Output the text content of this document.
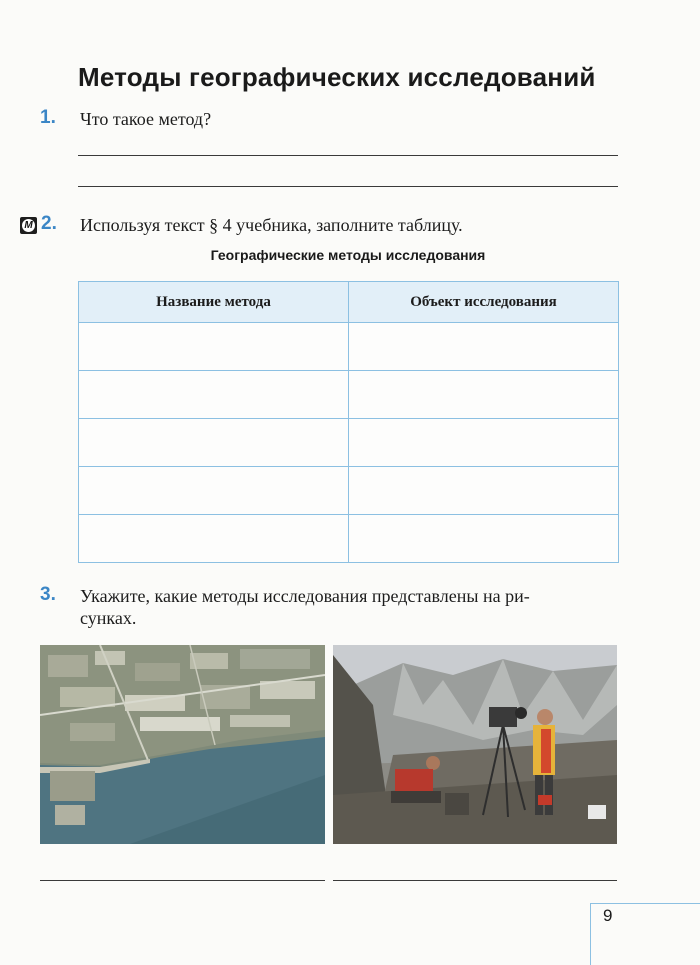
Методы географических исследований
1. Что такое метод?
М 2. Используя текст § 4 учебника, заполните таблицу.
Географические методы исследования
Название метода	Объект исследования

3. Укажите, какие методы исследования представлены на ри-
сунках.
9
